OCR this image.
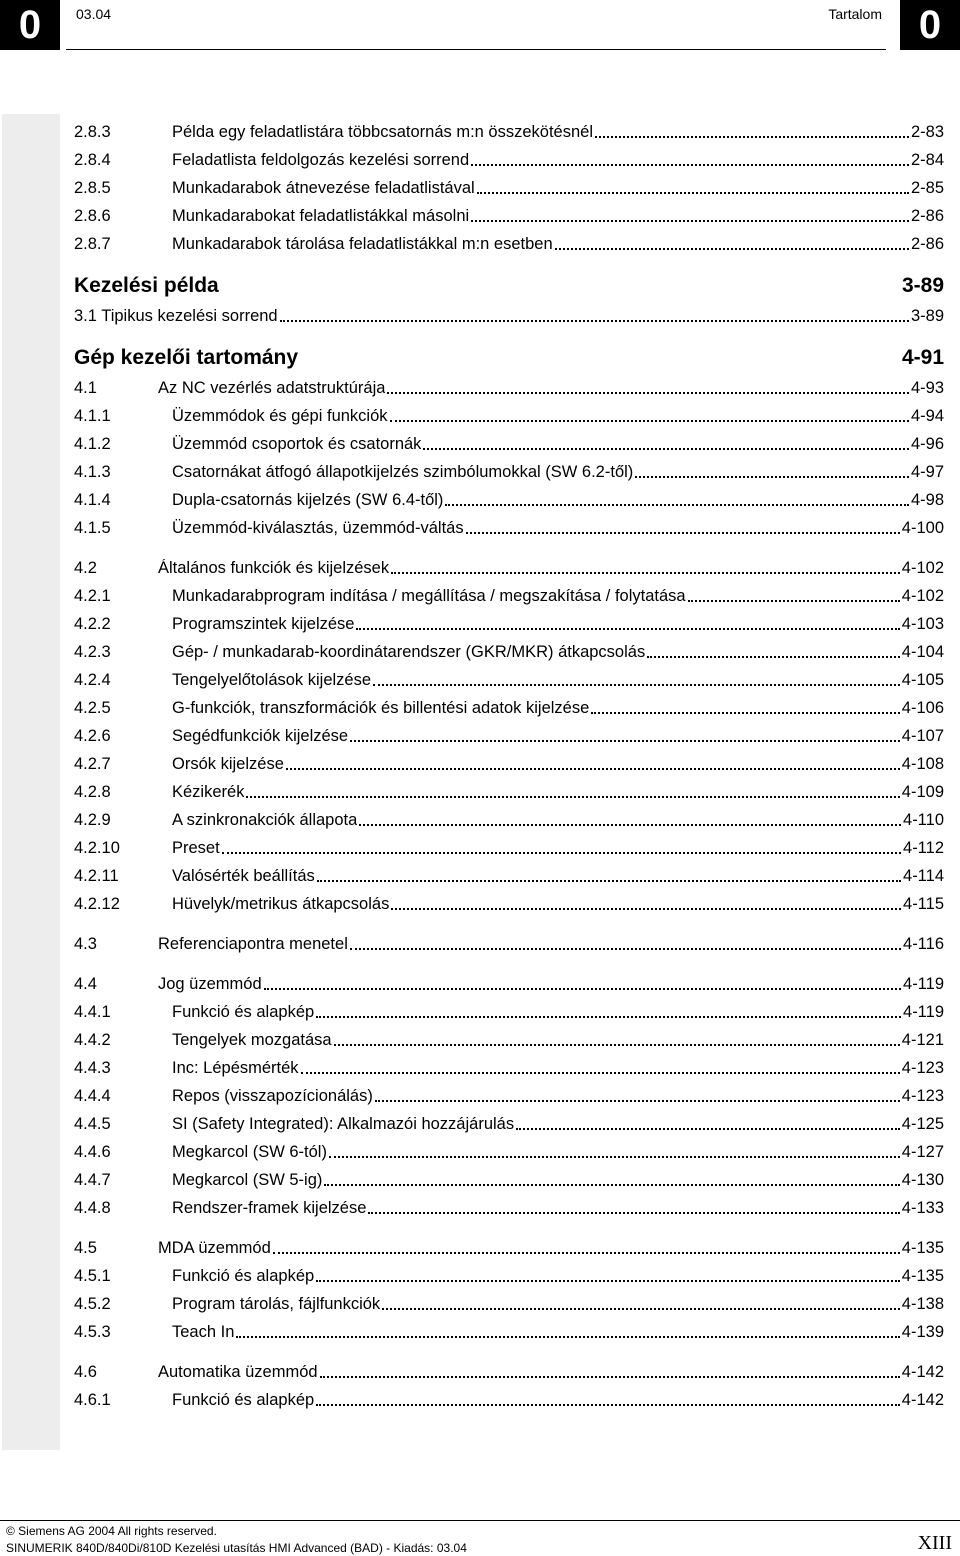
0	03.04	Tartalom 0
2.8.3	Példa egy feladatlistára többcsatornás m:n összekötésnél	2-83
2.8.4	Feladatlista feldolgozás kezelési sorrend	2-84
2.8.5	Munkadarabok átnevezése feladatlistával	2-85
2.8.6	Munkadarabokat feladatlistákkal másolni	2-86
2.8.7	Munkadarabok tárolása feladatlistákkal m:n esetben	2-86
Kezelési példa	3-89
3.1 Tipikus kezelési sorrend	3-89
Gép kezelői tartomány	4-91
4.1	Az NC vezérlés adatstruktúrája	4-93
4.1.1	Üzemmódok és gépi funkciók	4-94
4.1.2	Üzemmód csoportok és csatornák	4-96
4.1.3	Csatornákat átfogó állapotkijelzés szimbólumokkal (SW 6.2-től)	4-97
4.1.4	Dupla-csatornás kijelzés (SW 6.4-től)	4-98
4.1.5	Üzemmód-kiválasztás, üzemmód-váltás	4-100
4.2	Általános funkciók és kijelzések	4-102
4.2.1	Munkadarabprogram indítása / megállítása / megszakítása / folytatása	4-102
4.2.2	Programszintek kijelzése	4-103
4.2.3	Gép- / munkadarab-koordinátarendszer (GKR/MKR) átkapcsolás	4-104
4.2.4	Tengelyelőtolások kijelzése	4-105
4.2.5	G-funkciók, transzformációk és billentési adatok kijelzése	4-106
4.2.6	Segédfunkciók kijelzése	4-107
4.2.7	Orsók kijelzése	4-108
4.2.8	Kézikerék	4-109
4.2.9	A szinkronakciók állapota	4-110
4.2.10	Preset	4-112
4.2.11	Valósérték beállítás	4-114
4.2.12	Hüvelyk/metrikus átkapcsolás	4-115
4.3	Referenciapontra menetel	4-116
4.4	Jog üzemmód	4-119
4.4.1	Funkció és alapkép	4-119
4.4.2	Tengelyek mozgatása	4-121
4.4.3	Inc: Lépésmérték	4-123
4.4.4	Repos (visszapozícionálás)	4-123
4.4.5	SI (Safety Integrated): Alkalmazói hozzájárulás	4-125
4.4.6	Megkarcol (SW 6-tól)	4-127
4.4.7	Megkarcol (SW 5-ig)	4-130
4.4.8	Rendszer-framek kijelzése	4-133
4.5	MDA üzemmód	4-135
4.5.1	Funkció és alapkép	4-135
4.5.2	Program tárolás, fájlfunkciók	4-138
4.5.3	Teach In	4-139
4.6	Automatika üzemmód	4-142
4.6.1	Funkció és alapkép	4-142
© Siemens AG 2004 All rights reserved.
SINUMERIK 840D/840Di/810D Kezelési utasítás HMI Advanced (BAD) - Kiadás: 03.04	XIII
